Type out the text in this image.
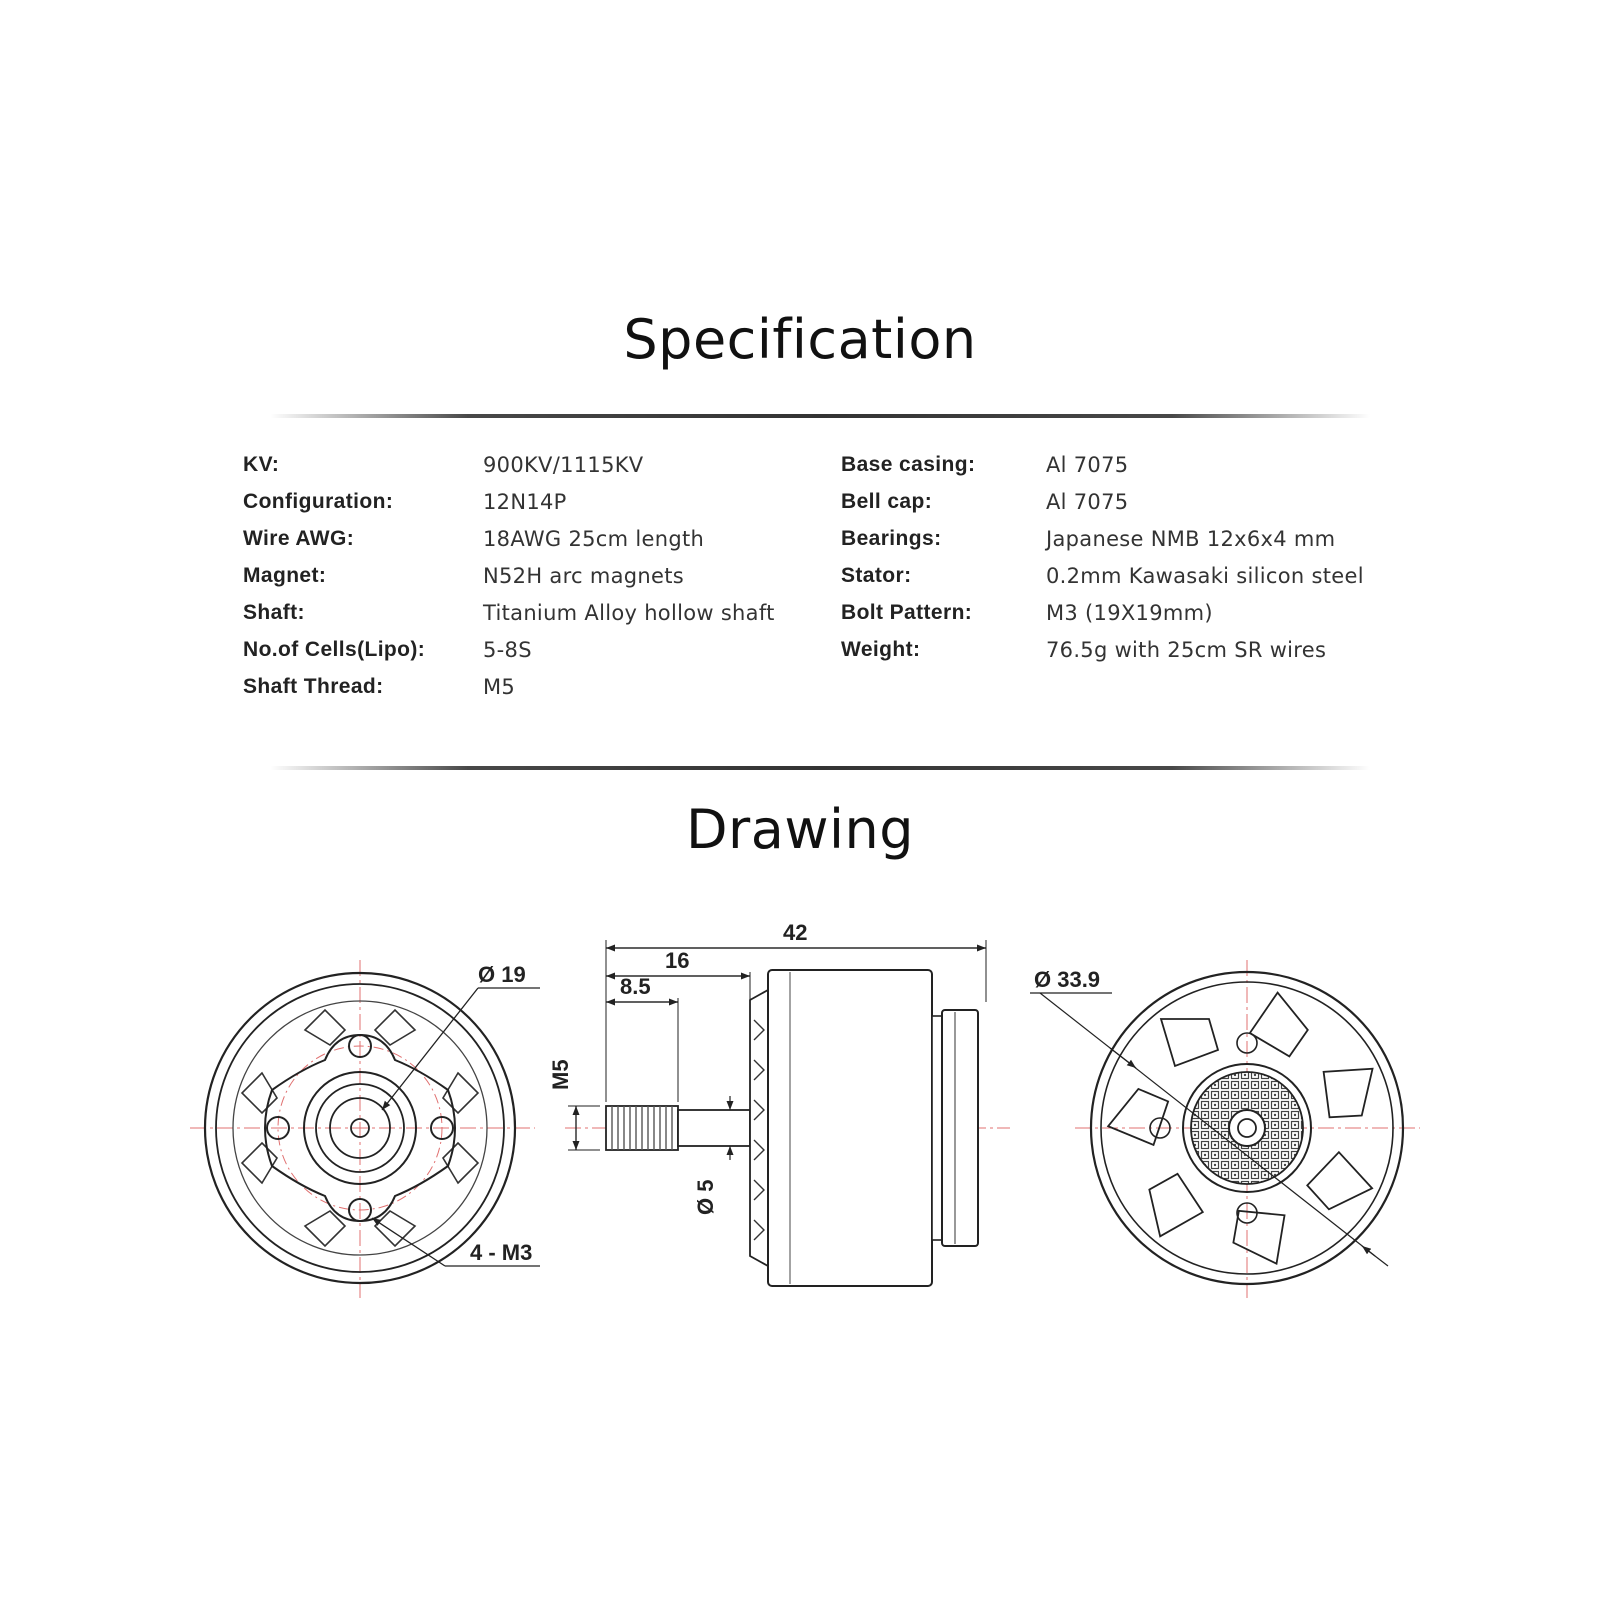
Specification
KV:	900KV/1115KV
Configuration:	12N14P
Wire AWG:	18AWG 25cm length
Magnet:	N52H arc magnets
Shaft:	Titanium Alloy hollow shaft
No.of Cells(Lipo):	5-8S
Shaft Thread:	M5
Base casing:	Al 7075
Bell cap:	Al 7075
Bearings:	Japanese NMB 12x6x4 mm
Stator:	0.2mm Kawasaki silicon steel
Bolt Pattern:	M3 (19X19mm)
Weight:	76.5g with 25cm SR wires
Drawing
Ø 19
4 - M3
42
16
8.5
M5
Ø 5
Ø 33.9
